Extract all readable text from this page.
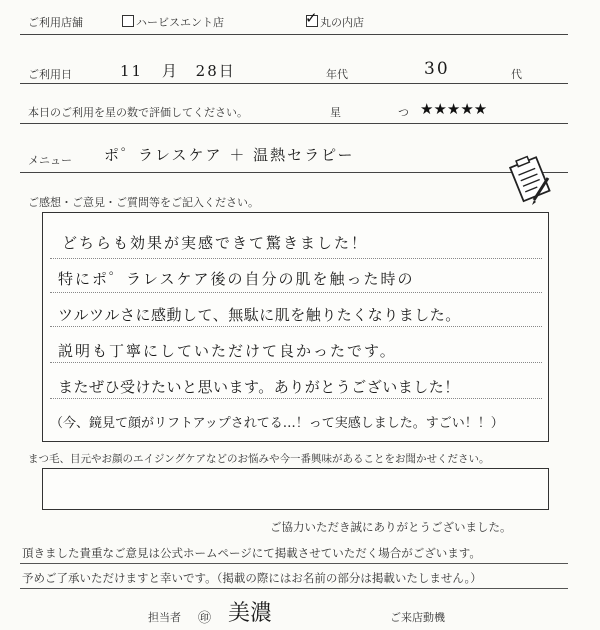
ご利用店舗	ハービスエント店	✓ 丸の内店
ご利用日	11 月 28日	年代	30	代
本日のご利用を星の数で評価してください。	星	つ ★★★★★
メニュー ポ゜ラレスケア ＋ 温熱セラピー
ご感想・ご意見・ご質問等をご記入ください。
どちらも効果が実感できて驚きました！
特にポ゜ラレスケア後の自分の肌を触った時の
ツルツルさに感動して、無駄に肌を触りたくなりました。
説明も丁寧にしていただけて良かったです。
またぜひ受けたいと思います。ありがとうございました！
（今、鏡見て顔がリフトアップされてる…！って実感しました。すごい！！）
まつ毛、目元やお顔のエイジングケアなどのお悩みや今一番興味があることをお聞かせください。
ご協力いただき誠にありがとうございました。
頂きました貴重なご意見は公式ホームページにて掲載させていただく場合がございます。
予めご了承いただけますと幸いです。（掲載の際にはお名前の部分は掲載いたしません。）
担当者 ㊞ 美濃	ご来店動機
